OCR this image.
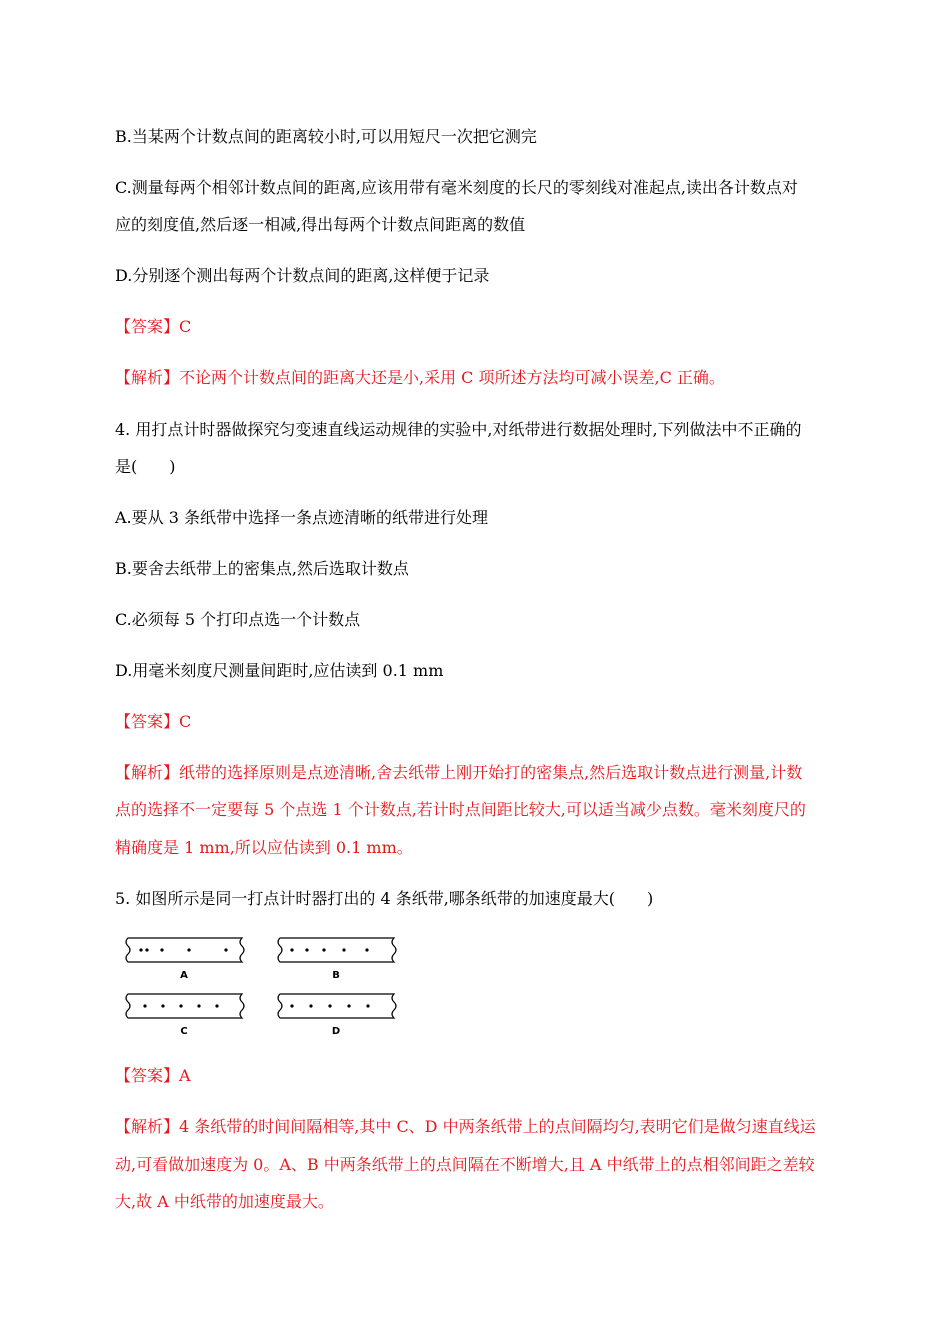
B.当某两个计数点间的距离较小时,可以用短尺一次把它测完
C.测量每两个相邻计数点间的距离,应该用带有毫米刻度的长尺的零刻线对准起点,读出各计数点对
应的刻度值,然后逐一相减,得出每两个计数点间距离的数值
D.分别逐个测出每两个计数点间的距离,这样便于记录
【答案】C
【解析】不论两个计数点间的距离大还是小,采用 C 项所述方法均可减小误差,C 正确。
4. 用打点计时器做探究匀变速直线运动规律的实验中,对纸带进行数据处理时,下列做法中不正确的
是(　　)
A.要从 3 条纸带中选择一条点迹清晰的纸带进行处理
B.要舍去纸带上的密集点,然后选取计数点
C.必须每 5 个打印点选一个计数点
D.用毫米刻度尺测量间距时,应估读到 0.1 mm
【答案】C
【解析】纸带的选择原则是点迹清晰,舍去纸带上刚开始打的密集点,然后选取计数点进行测量,计数
点的选择不一定要每 5 个点选 1 个计数点,若计时点间距比较大,可以适当减少点数。毫米刻度尺的
精确度是 1 mm,所以应估读到 0.1 mm。
5. 如图所示是同一打点计时器打出的 4 条纸带,哪条纸带的加速度最大(　　)
A	B
C	D
【答案】A
【解析】4 条纸带的时间间隔相等,其中 C、D 中两条纸带上的点间隔均匀,表明它们是做匀速直线运
动,可看做加速度为 0。A、B 中两条纸带上的点间隔在不断增大,且 A 中纸带上的点相邻间距之差较
大,故 A 中纸带的加速度最大。
